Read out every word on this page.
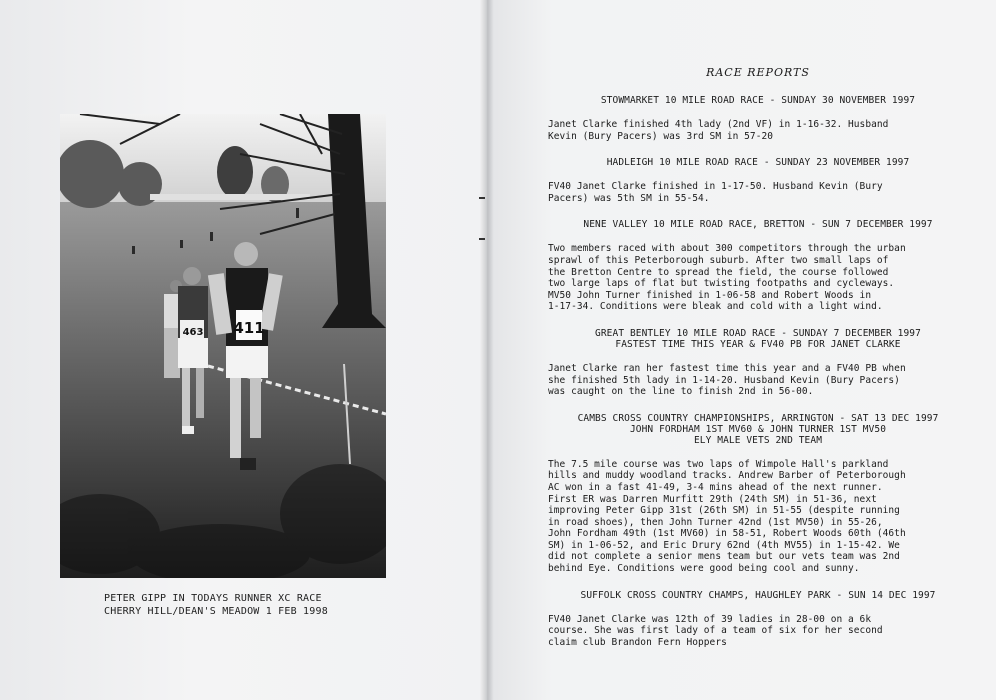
411
463
PETER GIPP IN TODAYS RUNNER XC RACE
CHERRY HILL/DEAN'S MEADOW 1 FEB 1998
RACE REPORTS
STOWMARKET 10 MILE ROAD RACE - SUNDAY 30 NOVEMBER 1997
Janet Clarke finished 4th lady (2nd VF) in 1-16-32. Husband
Kevin (Bury Pacers) was 3rd SM in 57-20
HADLEIGH 10 MILE ROAD RACE - SUNDAY 23 NOVEMBER 1997
FV40 Janet Clarke finished in 1-17-50. Husband Kevin (Bury
Pacers) was 5th SM in 55-54.
NENE VALLEY 10 MILE ROAD RACE, BRETTON - SUN 7 DECEMBER 1997
Two members raced with about 300 competitors through the urban
sprawl of this Peterborough suburb. After two small laps of
the Bretton Centre to spread the field, the course followed
two large laps of flat but twisting footpaths and cycleways.
MV50 John Turner finished in 1-06-58 and Robert Woods in
1-17-34. Conditions were bleak and cold with a light wind.
GREAT BENTLEY 10 MILE ROAD RACE - SUNDAY 7 DECEMBER 1997
FASTEST TIME THIS YEAR & FV40 PB FOR JANET CLARKE
Janet Clarke ran her fastest time this year and a FV40 PB when
she finished 5th lady in 1-14-20. Husband Kevin (Bury Pacers)
was caught on the line to finish 2nd in 56-00.
CAMBS CROSS COUNTRY CHAMPIONSHIPS, ARRINGTON - SAT 13 DEC 1997
JOHN FORDHAM 1ST MV60 & JOHN TURNER 1ST MV50
ELY MALE VETS 2ND TEAM
The 7.5 mile course was two laps of Wimpole Hall's parkland
hills and muddy woodland tracks. Andrew Barber of Peterborough
AC won in a fast 41-49, 3-4 mins ahead of the next runner.
First ER was Darren Murfitt 29th (24th SM) in 51-36, next
improving Peter Gipp 31st (26th SM) in 51-55 (despite running
in road shoes), then John Turner 42nd (1st MV50) in 55-26,
John Fordham 49th (1st MV60) in 58-51, Robert Woods 60th (46th
SM) in 1-06-52, and Eric Drury 62nd (4th MV55) in 1-15-42. We
did not complete a senior mens team but our vets team was 2nd
behind Eye. Conditions were good being cool and sunny.
SUFFOLK CROSS COUNTRY CHAMPS, HAUGHLEY PARK - SUN 14 DEC 1997
FV40 Janet Clarke was 12th of 39 ladies in 28-00 on a 6k
course. She was first lady of a team of six for her second
claim club Brandon Fern Hoppers
